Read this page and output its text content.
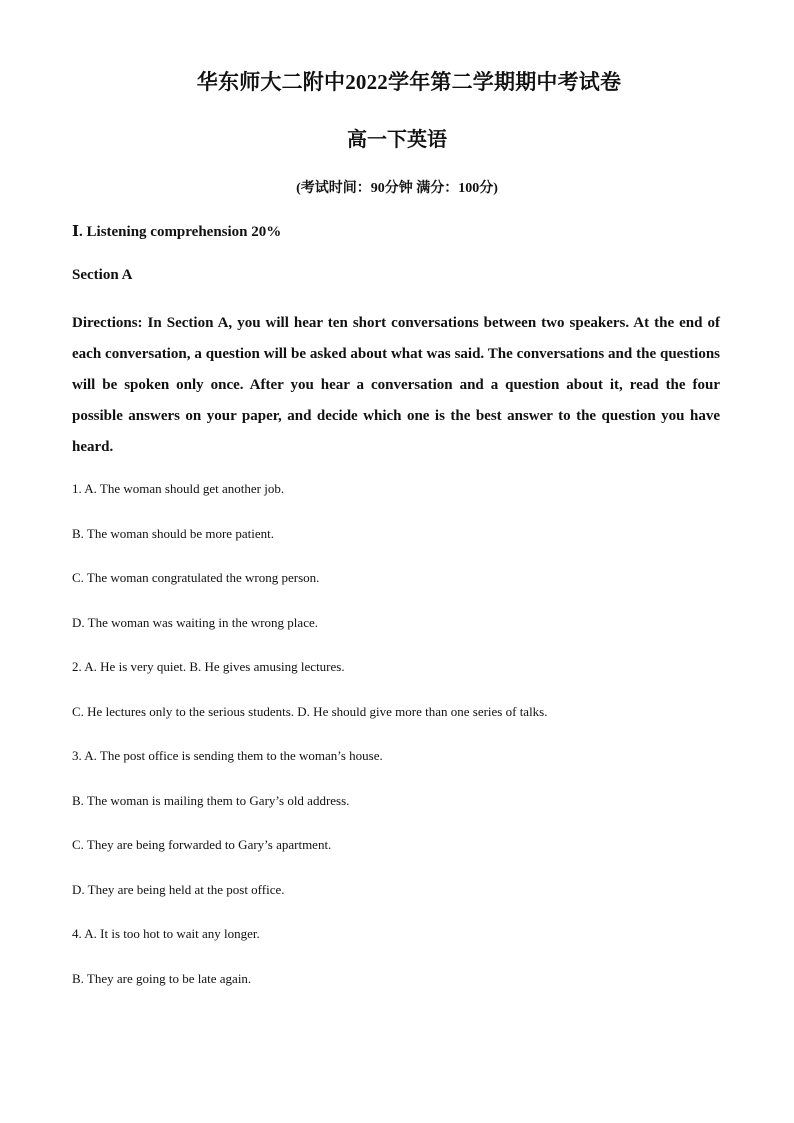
华东师大二附中2022学年第二学期期中考试卷
高一下英语
(考试时间：90分钟 满分：100分)
Ⅰ. Listening comprehension 20%
Section A
Directions: In Section A, you will hear ten short conversations between two speakers. At the end of each conversation, a question will be asked about what was said. The conversations and the questions will be spoken only once. After you hear a conversation and a question about it, read the four possible answers on your paper, and decide which one is the best answer to the question you have heard.
1. A. The woman should get another job.
B. The woman should be more patient.
C. The woman congratulated the wrong person.
D. The woman was waiting in the wrong place.
2. A. He is very quiet. B. He gives amusing lectures.
C. He lectures only to the serious students. D. He should give more than one series of talks.
3. A. The post office is sending them to the woman’s house.
B. The woman is mailing them to Gary’s old address.
C. They are being forwarded to Gary’s apartment.
D. They are being held at the post office.
4. A. It is too hot to wait any longer.
B. They are going to be late again.
